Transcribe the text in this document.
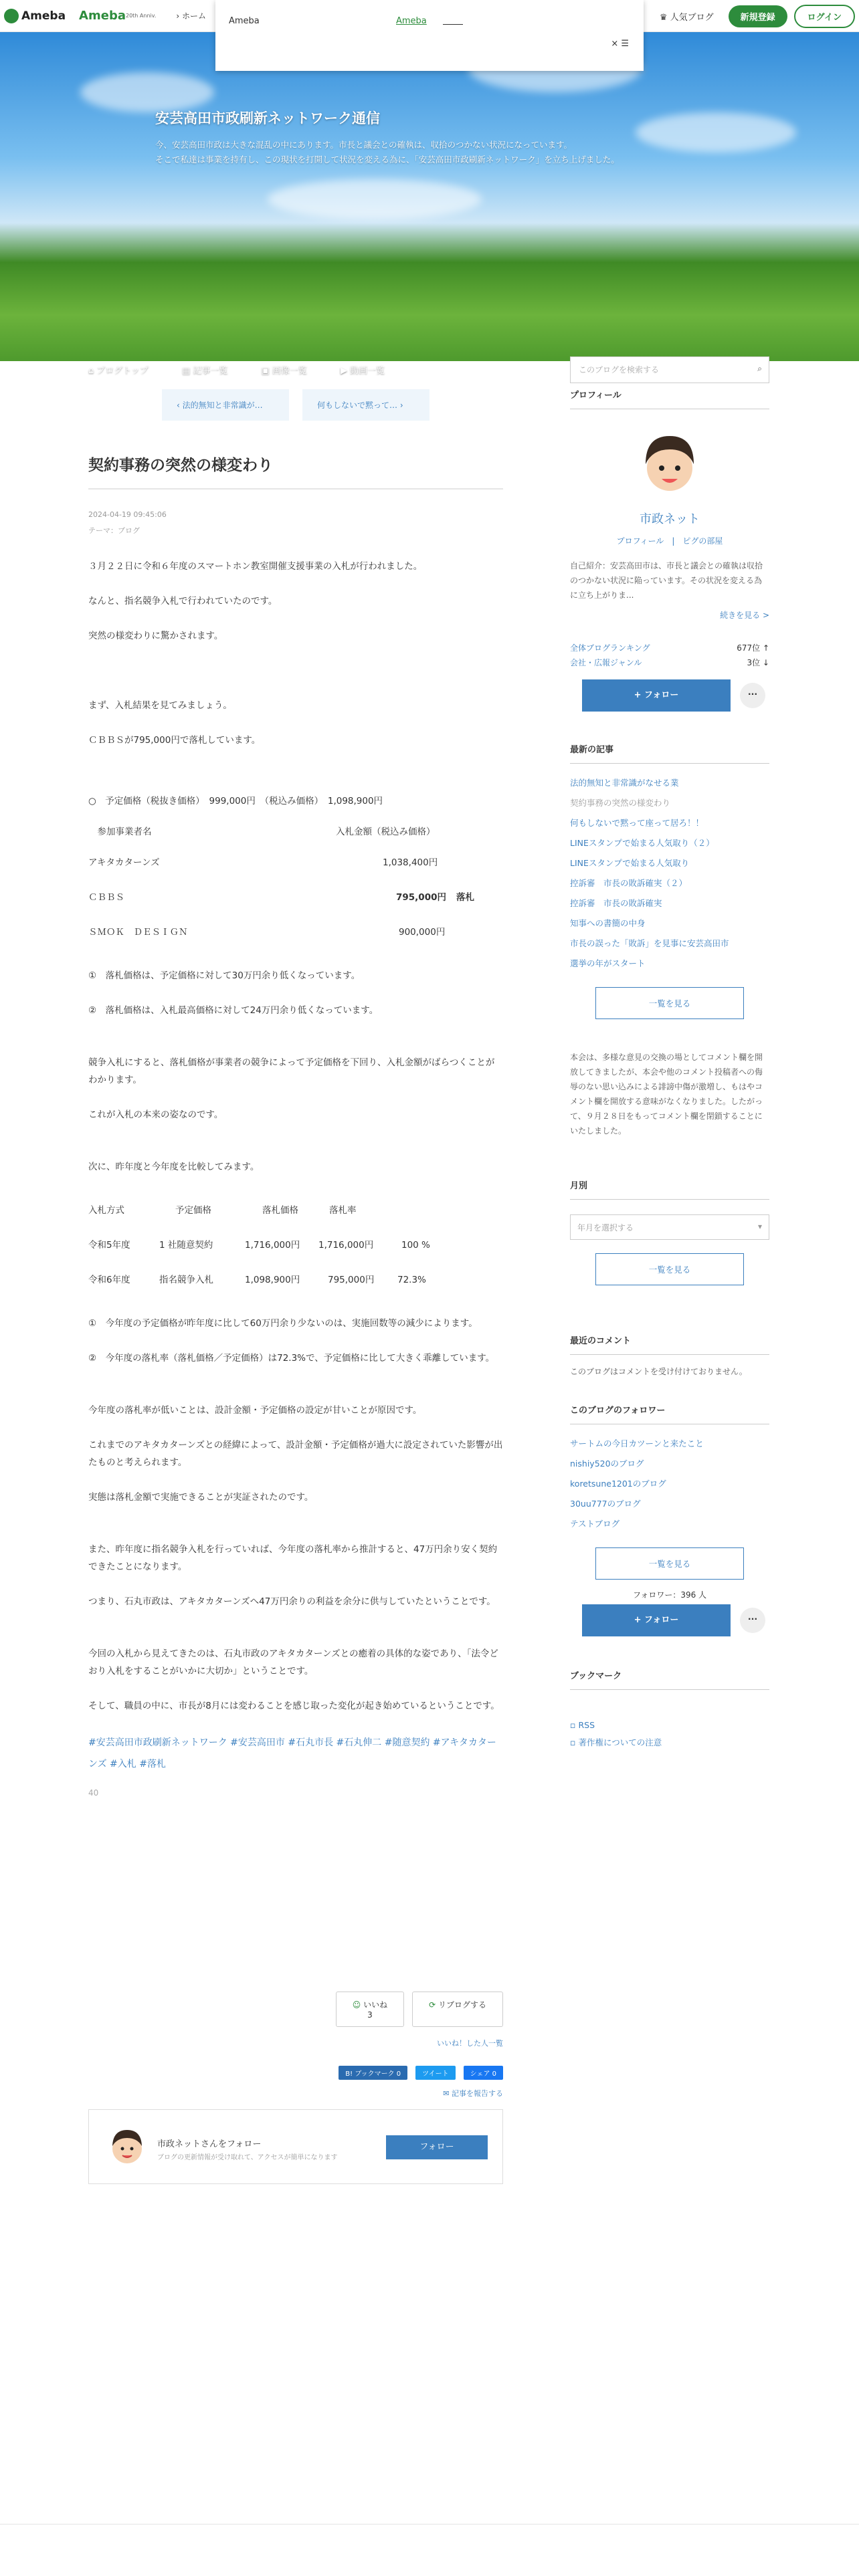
Ameba Ameba 20th Anniv.	› ホーム	♛ 人気ブログ	新規登録	ログイン
Ameba	Ameba
× ☰
安芸高田市政刷新ネットワーク通信
今、安芸高田市政は大きな混乱の中にあります。市長と議会との確執は、収拾のつかない状況になっています。
そこで私達は事業を持有し、この現状を打開して状況を変える為に、「安芸高田市政刷新ネットワーク」を立ち上げました。
⌂ ブログトップ	▤ 記事一覧	▣ 画像一覧	▶ 動画一覧	このブログを検索する	⌕
‹ 法的無知と非常識が…	何もしないで黙って… ›
契約事務の突然の様変わり
2024-04-19 09:45:06
テーマ：ブログ

３月２２日に令和６年度のスマートホン教室開催支援事業の入札が行われました。

なんと、指名競争入札で行われていたのです。

突然の様変わりに驚かされます。

まず、入札結果を見てみましょう。

ＣＢＢＳが795,000円で落札しています。

○　予定価格（税抜き価格）　999,000円　（税込み価格）　1,098,900円
　参加事業者名	入札金額（税込み価格）
アキタカターンズ	1,038,400円
ＣＢＢＳ	795,000円	落札
ＳＭＯＫ　ＤＥＳＩＧＮ	900,000円

①　落札価格は、予定価格に対して30万円余り低くなっています。

②　落札価格は、入札最高価格に対して24万円余り低くなっています。

競争入札にすると、落札価格が事業者の競争によって予定価格を下回り、入札金額がばらつくことがわかります。

これが入札の本来の姿なのです。

次に、昨年度と今年度を比較してみます。

入札方式	予定価格	落札価格	落札率
令和5年度	1 社随意契約	1,716,000円	1,716,000円	100 %
令和6年度	指名競争入札	1,098,900円	795,000円	72.3%

①　今年度の予定価格が昨年度に比して60万円余り少ないのは、実施回数等の減少によります。

②　今年度の落札率（落札価格／予定価格）は72.3%で、予定価格に比して大きく乖離しています。

今年度の落札率が低いことは、設計金額・予定価格の設定が甘いことが原因です。

これまでのアキタカターンズとの経緯によって、設計金額・予定価格が過大に設定されていた影響が出たものと考えられます。

実態は落札金額で実施できることが実証されたのです。

また、昨年度に指名競争入札を行っていれば、今年度の落札率から推計すると、47万円余り安く契約できたことになります。

つまり、石丸市政は、アキタカターンズへ47万円余りの利益を余分に供与していたということです。

今回の入札から見えてきたのは、石丸市政のアキタカターンズとの癒着の具体的な姿であり、「法令どおり入札をすることがいかに大切か」ということです。

そして、職員の中に、市長が8月には変わることを感じ取った変化が起き始めているということです。

#安芸高田市政刷新ネットワーク #安芸高田市 #石丸市長 #石丸伸二 #随意契約 #アキタカターンズ #入札 #落札
40
☺ いいね
3
⟳ リブログする
いいね！した人一覧
B! ブックマーク 0	ツイート	シェア 0
✉ 記事を報告する
市政ネットさんをフォロー
ブログの更新情報が受け取れて、アクセスが簡単になります
フォロー
プロフィール
市政ネット
プロフィール　|　ピグの部屋
自己紹介：安芸高田市は、市長と議会との確執は収拾のつかない状況に陥っています。その状況を変える為に立ち上がりま...
続きを見る >
全体ブログランキング	677位 ↑
会社・広報ジャンル	3位 ↓
+ フォロー	···
最新の記事
法的無知と非常識がなせる業
契約事務の突然の様変わり
何もしないで黙って座って居ろ！！
LINEスタンプで始まる人気取り（２）
LINEスタンプで始まる人気取り
控訴審　市長の敗訴確実（２）
控訴審　市長の敗訴確実
知事への書簡の中身
市長の誤った「敗訴」を見事に安芸高田市
選挙の年がスタート
一覧を見る
本会は、多様な意見の交換の場としてコメント欄を開放してきましたが、本会や他のコメント投稿者への侮辱のない思い込みによる誹謗中傷が激増し、もはやコメント欄を開放する意味がなくなりました。したがって、９月２８日をもってコメント欄を閉鎖することにいたしました。
月別
年月を選択する	▾
一覧を見る
最近のコメント
このブログはコメントを受け付けておりません。
このブログのフォロワー
サートムの今日カツーンと来たこと
nishiy520のブログ
koretsune1201のブログ
30uu777のブログ
テストブログ
一覧を見る
フォロワー：396 人
+ フォロー	···
ブックマーク
▫ RSS
▫ 著作権についての注意
